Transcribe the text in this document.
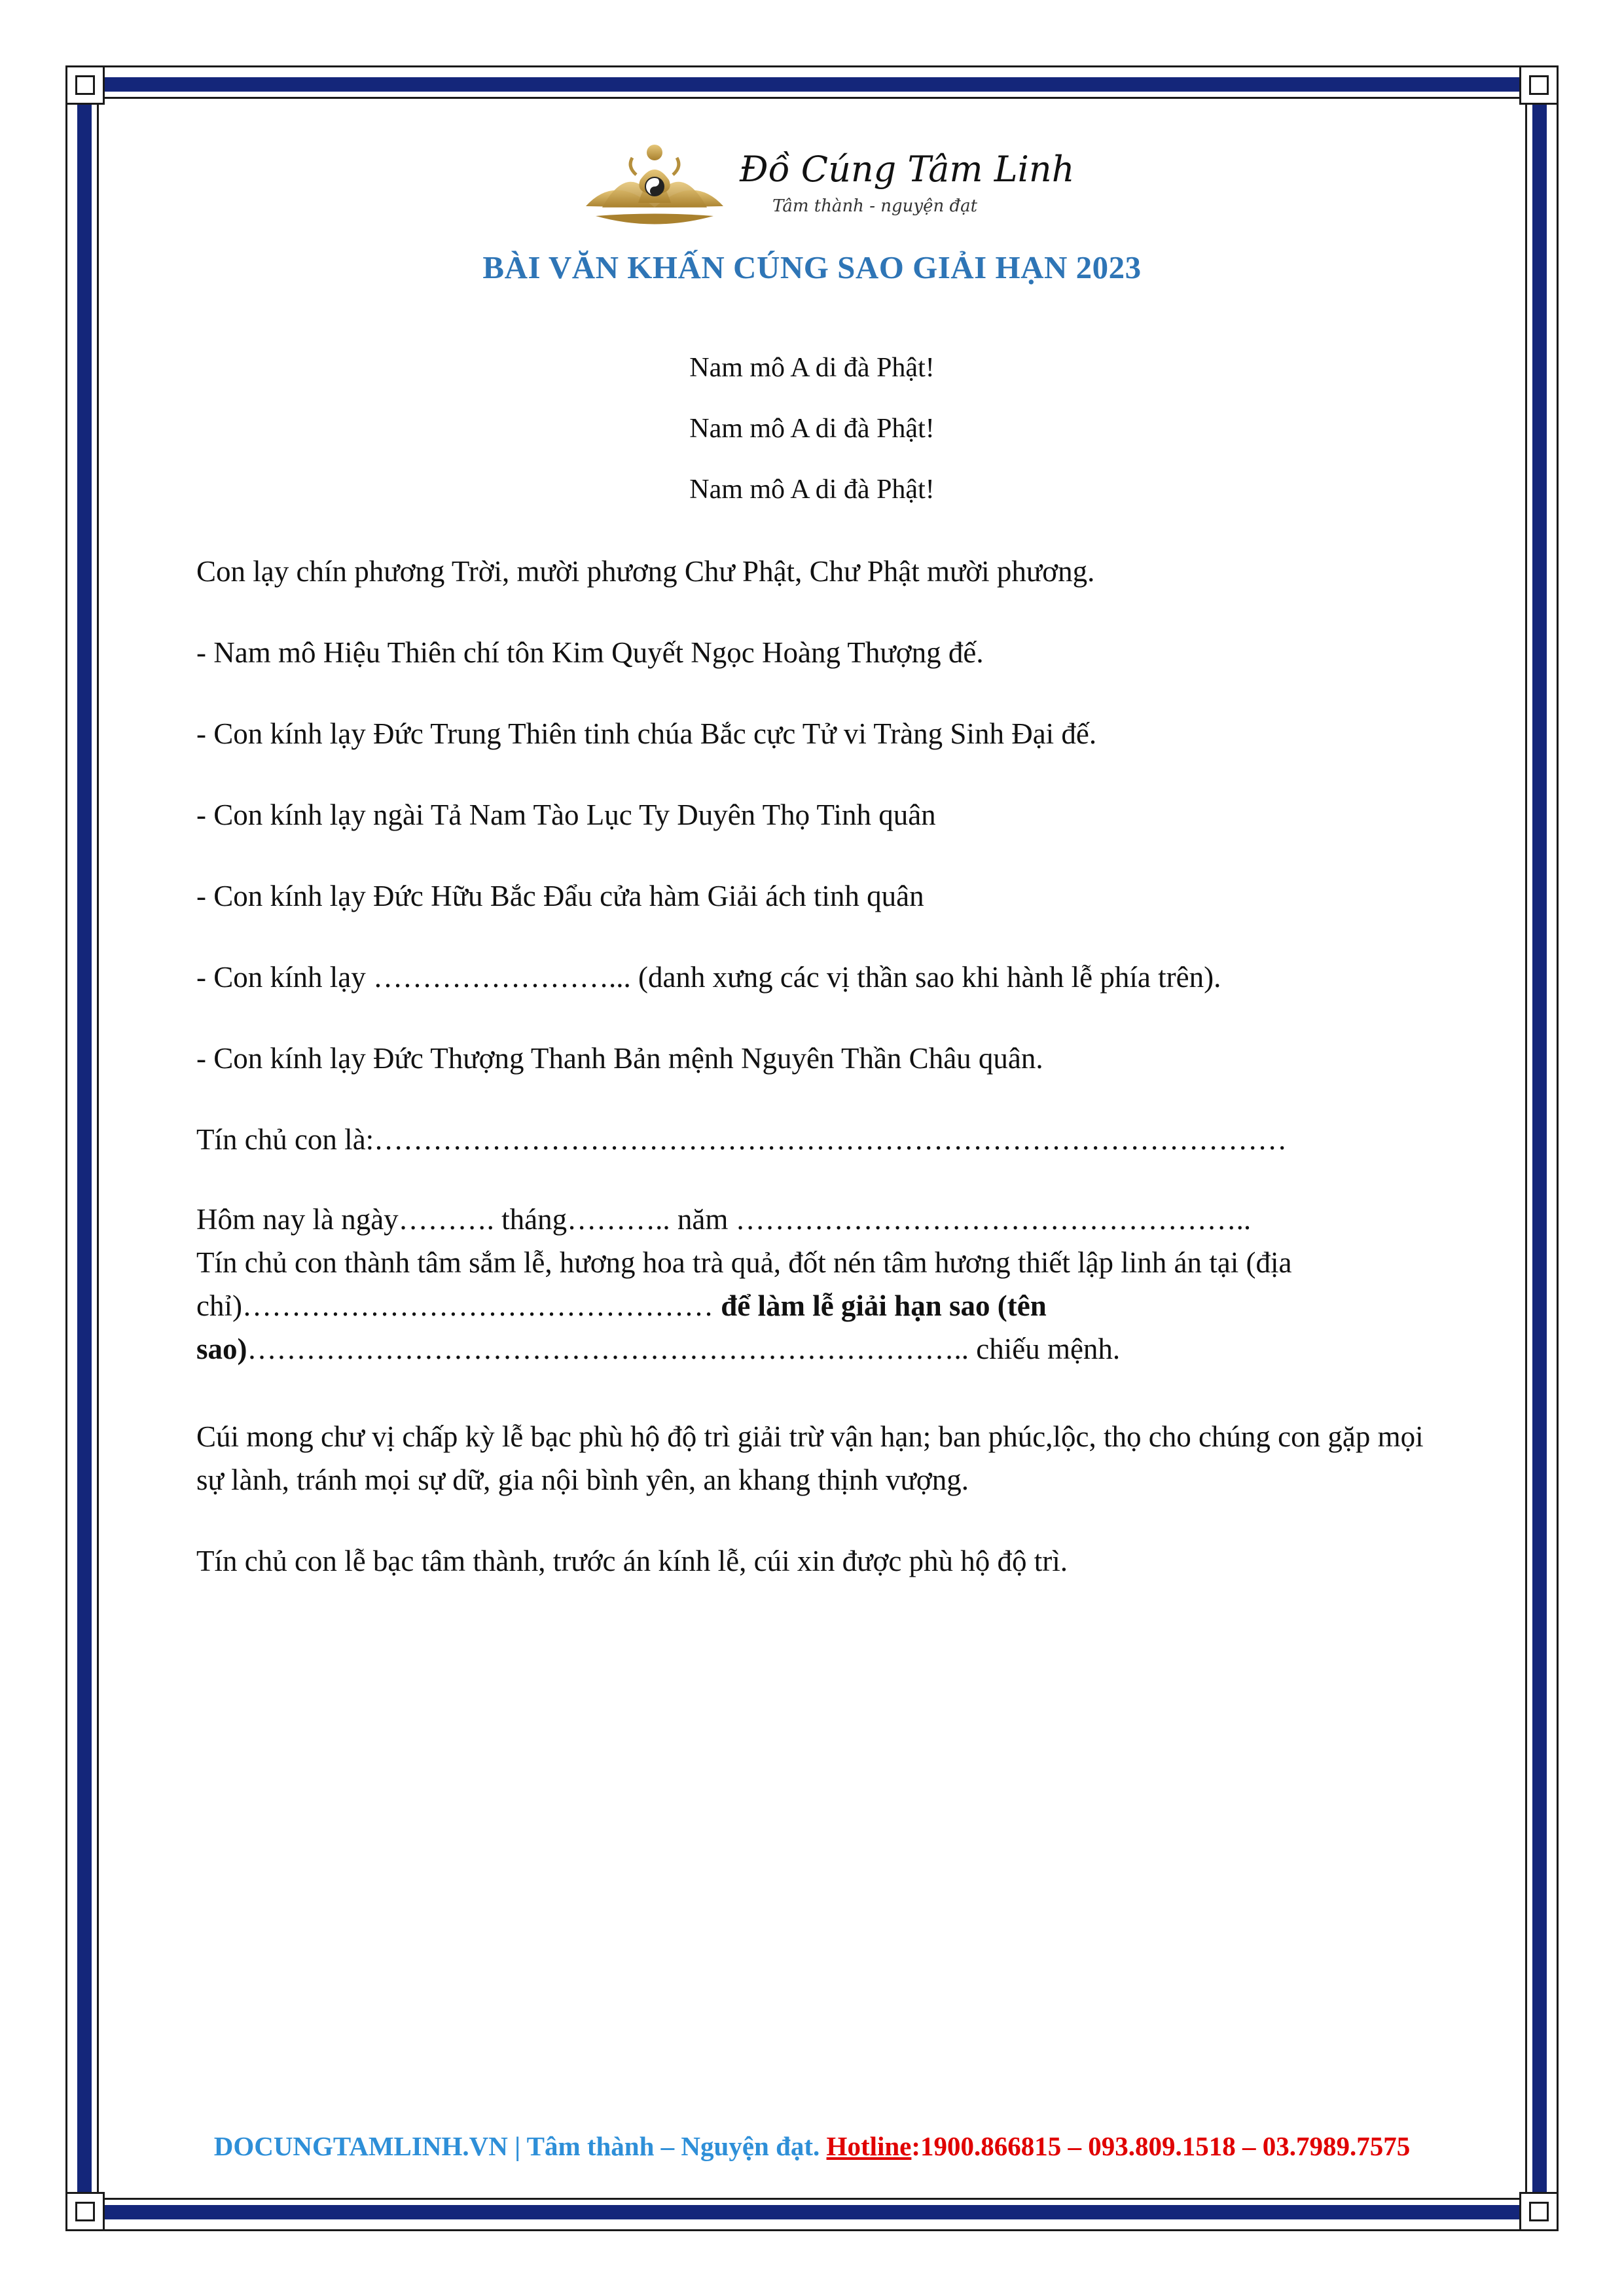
Đồ Cúng Tâm Linh
Tâm thành - nguyện đạt
BÀI VĂN KHẤN CÚNG SAO GIẢI HẠN 2023
Nam mô A di đà Phật!
Nam mô A di đà Phật!
Nam mô A di đà Phật!

Con lạy chín phương Trời, mười phương Chư Phật, Chư Phật mười phương.

- Nam mô Hiệu Thiên chí tôn Kim Quyết Ngọc Hoàng Thượng đế.

- Con kính lạy Đức Trung Thiên tinh chúa Bắc cực Tử vi Tràng Sinh Đại đế.

- Con kính lạy ngài Tả Nam Tào Lục Ty Duyên Thọ Tinh quân

- Con kính lạy Đức Hữu Bắc Đẩu cửa hàm Giải ách tinh quân

- Con kính lạy ……………………... (danh xưng các vị thần sao khi hành lễ phía trên).

- Con kính lạy Đức Thượng Thanh Bản mệnh Nguyên Thần Châu quân.

Tín chủ con là:…………………………………………………………………………………

Hôm nay là ngày………. tháng……….. năm ……………………………………………..
Tín chủ con thành tâm sắm lễ, hương hoa trà quả, đốt nén tâm hương thiết lập linh án tại (địa chỉ)………………………………………… để làm lễ giải hạn sao (tên sao)……………………………………………………………….. chiếu mệnh.

Cúi mong chư vị chấp kỳ lễ bạc phù hộ độ trì giải trừ vận hạn; ban phúc,lộc, thọ cho chúng con gặp mọi sự lành, tránh mọi sự dữ, gia nội bình yên, an khang thịnh vượng.

Tín chủ con lễ bạc tâm thành, trước án kính lễ, cúi xin được phù hộ độ trì.

DOCUNGTAMLINH.VN | Tâm thành – Nguyện đạt. Hotline:1900.866815 – 093.809.1518 – 03.7989.7575
